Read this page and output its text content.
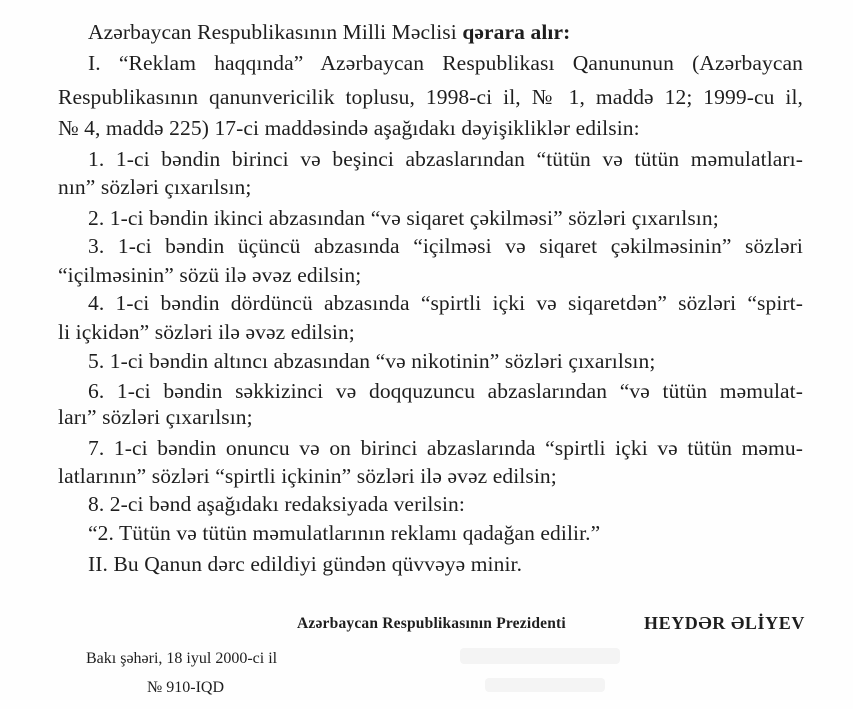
Azərbaycan Respublikasının Milli Məclisi qərara alır:
I. “Reklam haqqında” Azərbaycan Respublikası Qanununun (Azərbaycan
Respublikasının qanunvericilik toplusu, 1998-ci il, № 1, maddə 12; 1999-cu il,
№ 4, maddə 225) 17-ci maddəsində aşağıdakı dəyişikliklər edilsin:
1. 1-ci bəndin birinci və beşinci abzaslarından “tütün və tütün məmulatları-
nın” sözləri çıxarılsın;
2. 1-ci bəndin ikinci abzasından “və siqaret çəkilməsi” sözləri çıxarılsın;
3. 1-ci bəndin üçüncü abzasında “içilməsi və siqaret çəkilməsinin” sözləri
“içilməsinin” sözü ilə əvəz edilsin;
4. 1-ci bəndin dördüncü abzasında “spirtli içki və siqaretdən” sözləri “spirt-
li içkidən” sözləri ilə əvəz edilsin;
5. 1-ci bəndin altıncı abzasından “və nikotinin” sözləri çıxarılsın;
6. 1-ci bəndin səkkizinci və doqquzuncu abzaslarından “və tütün məmulat-
ları” sözləri çıxarılsın;
7. 1-ci bəndin onuncu və on birinci abzaslarında “spirtli içki və tütün məmu-
latlarının” sözləri “spirtli içkinin” sözləri ilə əvəz edilsin;
8. 2-ci bənd aşağıdakı redaksiyada verilsin:
“2. Tütün və tütün məmulatlarının reklamı qadağan edilir.”
II. Bu Qanun dərc edildiyi gündən qüvvəyə minir.
Azərbaycan Respublikasının Prezidenti	HEYDƏR ƏLİYEV
Bakı şəhəri, 18 iyul 2000-ci il
№ 910-IQD
